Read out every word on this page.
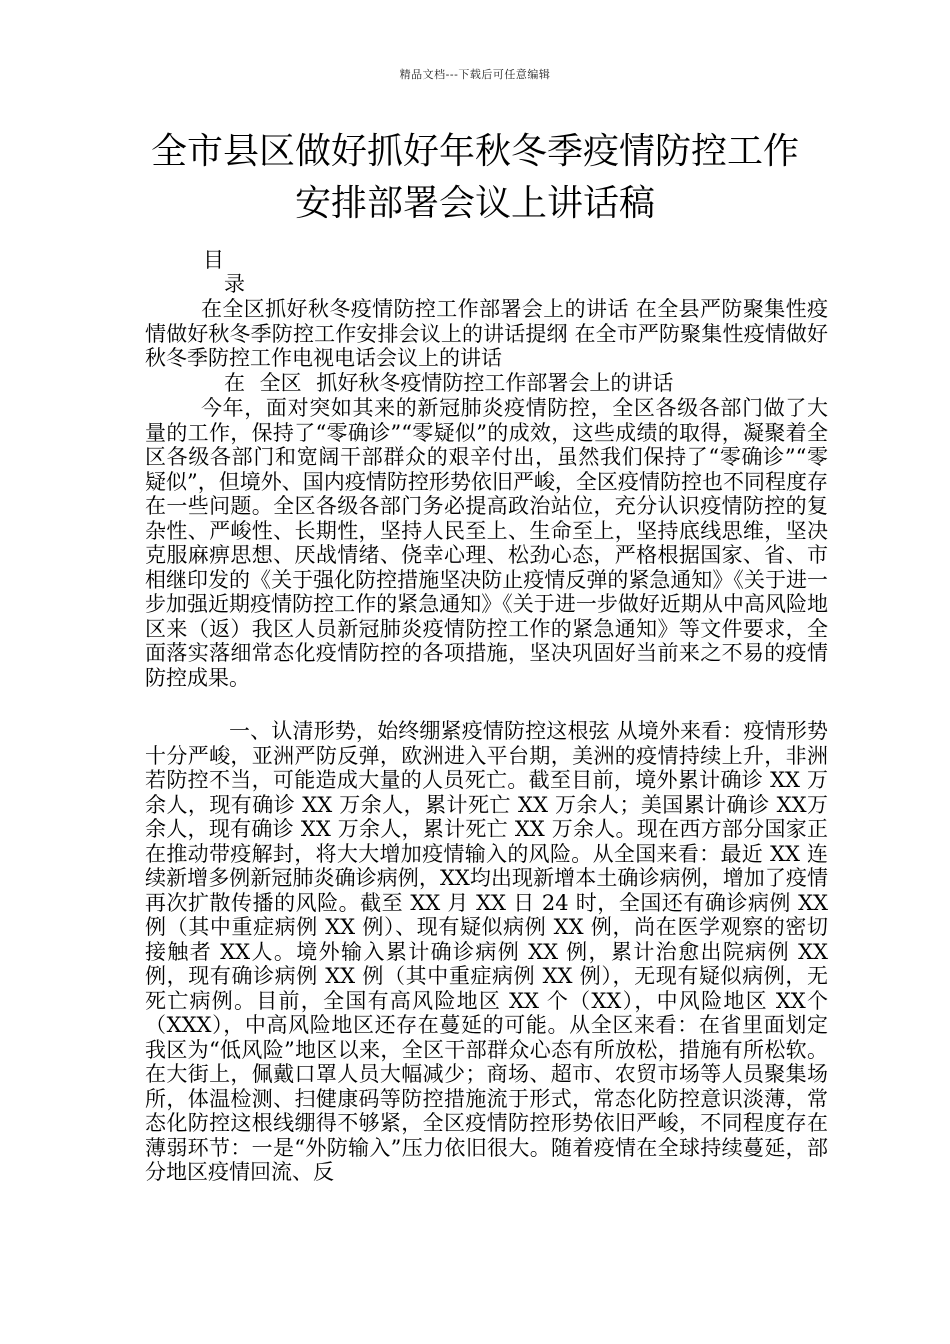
精品文档---下载后可任意编辑
全市县区做好抓好年秋冬季疫情防控工作
安排部署会议上讲话稿
目
录
在全区抓好秋冬疫情防控工作部署会上的讲话 在全县严防聚集性疫情做好秋冬季防控工作安排会议上的讲话提纲 在全市严防聚集性疫情做好秋冬季防控工作电视电话会议上的讲话
在 全区 抓好秋冬疫情防控工作部署会上的讲话
今年，面对突如其来的新冠肺炎疫情防控，全区各级各部门做了大量的工作，保持了“零确诊”“零疑似”的成效，这些成绩的取得，凝聚着全区各级各部门和宽阔干部群众的艰辛付出，虽然我们保持了“零确诊”“零疑似”，但境外、国内疫情防控形势依旧严峻，全区疫情防控也不同程度存在一些问题。全区各级各部门务必提高政治站位，充分认识疫情防控的复杂性、严峻性、长期性，坚持人民至上、生命至上，坚持底线思维，坚决克服麻痹思想、厌战情绪、侥幸心理、松劲心态，严格根据国家、省、市相继印发的《关于强化防控措施坚决防止疫情反弹的紧急通知》《关于进一步加强近期疫情防控工作的紧急通知》《关于进一步做好近期从中高风险地区来（返）我区人员新冠肺炎疫情防控工作的紧急通知》等文件要求，全面落实落细常态化疫情防控的各项措施，坚决巩固好当前来之不易的疫情防控成果。
一、认清形势，始终绷紧疫情防控这根弦 从境外来看：疫情形势十分严峻，亚洲严防反弹，欧洲进入平台期，美洲的疫情持续上升，非洲若防控不当，可能造成大量的人员死亡。截至目前，境外累计确诊 XX 万余人，现有确诊 XX 万余人，累计死亡 XX 万余人；美国累计确诊 XX万余人，现有确诊 XX 万余人，累计死亡 XX 万余人。现在西方部分国家正在推动带疫解封，将大大增加疫情输入的风险。从全国来看：最近 XX 连续新增多例新冠肺炎确诊病例，XX均出现新增本土确诊病例，增加了疫情再次扩散传播的风险。截至 XX 月 XX 日 24 时，全国还有确诊病例 XX 例（其中重症病例 XX 例）、现有疑似病例 XX 例，尚在医学观察的密切接触者 XX人。境外输入累计确诊病例 XX 例，累计治愈出院病例 XX 例，现有确诊病例 XX 例（其中重症病例 XX 例），无现有疑似病例，无死亡病例。目前，全国有高风险地区 XX 个（XX），中风险地区 XX个（XXX），中高风险地区还存在蔓延的可能。从全区来看：在省里面划定我区为“低风险”地区以来，全区干部群众心态有所放松，措施有所松软。在大街上，佩戴口罩人员大幅减少；商场、超市、农贸市场等人员聚集场所，体温检测、扫健康码等防控措施流于形式，常态化防控意识淡薄，常态化防控这根线绷得不够紧，全区疫情防控形势依旧严峻，不同程度存在薄弱环节：一是“外防输入”压力依旧很大。随着疫情在全球持续蔓延，部分地区疫情回流、反
